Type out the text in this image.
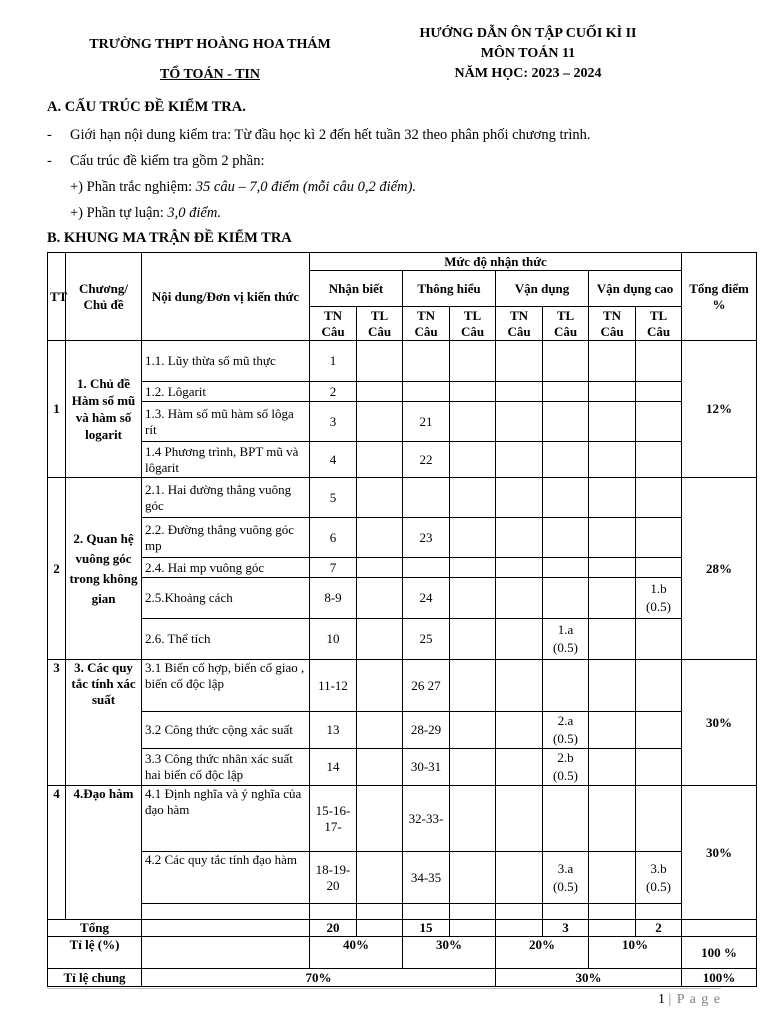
TRƯỜNG THPT HOÀNG HOA THÁM
TỔ TOÁN - TIN
HƯỚNG DẪN ÔN TẬP CUỐI KÌ II
MÔN TOÁN 11
NĂM HỌC: 2023 – 2024
A. CẤU TRÚC ĐỀ KIỂM TRA.
- Giới hạn nội dung kiểm tra: Từ đầu học kì 2 đến hết tuần 32 theo phân phối chương trình.
- Cấu trúc đề kiểm tra gồm 2 phần:
+) Phần trắc nghiệm: 35 câu – 7,0 điểm (mỗi câu 0,2 điểm).
+) Phần tự luận: 3,0 điểm.
B. KHUNG MA TRẬN ĐỀ KIỂM TRA
TT	Chương/ Chủ đề	Nội dung/Đơn vị kiến thức	Mức độ nhận thức								Tổng điểm %
			Nhận biết		Thông hiểu		Vận dụng		Vận dụng cao		
			TN Câu	TL Câu	TN Câu	TL Câu	TN Câu	TL Câu	TN Câu	TL Câu	
1	1. Chủ đề Hàm số mũ và hàm số logarit	1.1. Lũy thừa số mũ thực	1								12%
		1.2. Lôgarit	2								
		1.3. Hàm số mũ hàm số lôga rít	3		21						
		1.4 Phương trình, BPT mũ và lôgarit	4		22						
2	2. Quan hệ vuông góc trong không gian	2.1. Hai đường thẳng vuông góc	5								28%
		2.2. Đường thẳng vuông góc mp	6		23						
		2.4. Hai mp vuông góc	7								
		2.5.Khoảng cách	8-9		24					1.b (0.5)	
		2.6. Thể tích	10		25			1.a (0.5)			
3	3. Các quy tắc tính xác suất	3.1 Biến cố hợp, biến cố giao , biến cố độc lập	11-12		26 27						30%
		3.2 Công thức cộng xác suất	13		28-29			2.a (0.5)			
		3.3 Công thức nhân xác suất hai biến cố độc lập	14		30-31			2.b (0.5)			
4	4.Đạo hàm	4.1 Định nghĩa và ý nghĩa của đạo hàm	15-16-17-		32-33-						30%
		4.2 Các quy tắc tính đạo hàm	18-19-20		34-35			3.a (0.5)		3.b (0.5)	

Tổng			20		15			3		2	
Tỉ lệ (%)			40%		30%		20%		10%		100 %
Tỉ lệ chung		70%					30%				100%
1 | P a g e
